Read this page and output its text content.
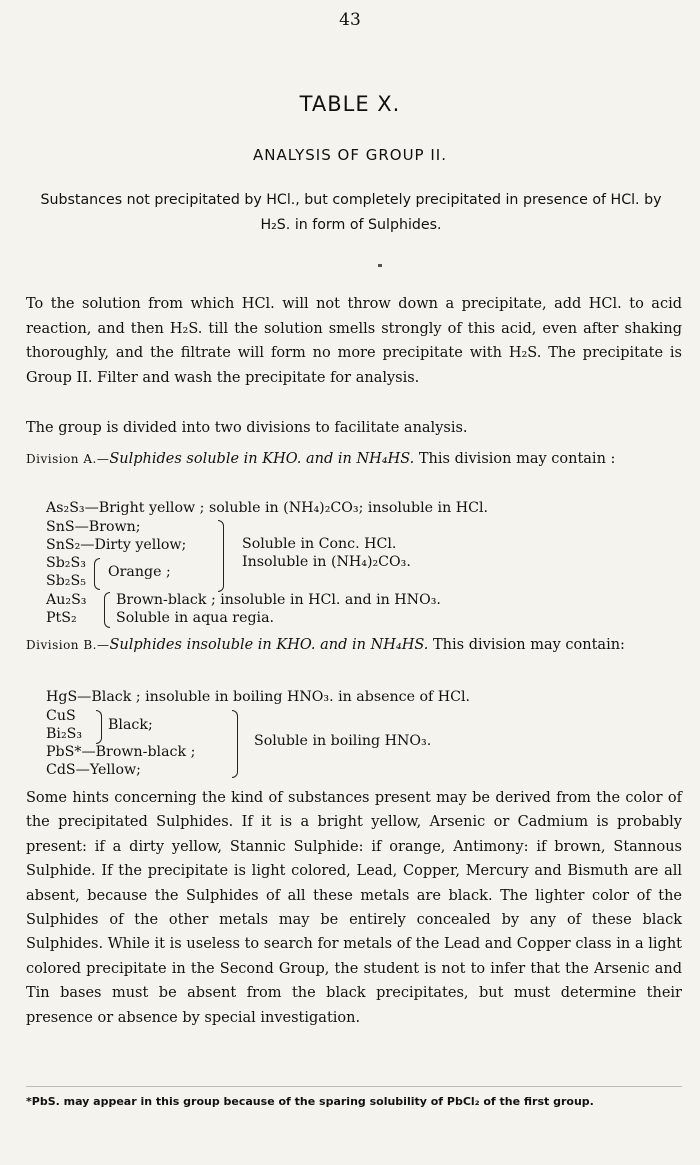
43
TABLE X.
ANALYSIS OF GROUP II.
Substances not precipitated by HCl., but completely precipitated in presence of HCl. by H₂S. in form of Sulphides.
To the solution from which HCl. will not throw down a precipitate, add HCl. to acid reaction, and then H₂S. till the solution smells strongly of this acid, even after shaking thoroughly, and the filtrate will form no more precipitate with H₂S. The precipitate is Group II. Filter and wash the precipitate for analysis.
The group is divided into two divisions to facilitate analysis.
Division A.—Sulphides soluble in KHO. and in NH₄HS. This division may contain :
As₂S₃—Bright yellow ; soluble in (NH₄)₂CO₃; insoluble in HCl.
SnS—Brown;
SnS₂—Dirty yellow;
Sb₂S₃
Sb₂S₅
Orange ;
Soluble in Conc. HCl.
Insoluble in (NH₄)₂CO₃.
Au₂S₃ Brown-black ; insoluble in HCl. and in HNO₃.
PtS₂	Soluble in aqua regia.
Division B.—Sulphides insoluble in KHO. and in NH₄HS. This division may contain:
HgS—Black ; insoluble in boiling HNO₃. in absence of HCl.
CuS
Bi₂S₃
Black;
PbS*—Brown-black ;
CdS—Yellow;
Soluble in boiling HNO₃.
Some hints concerning the kind of substances present may be derived from the color of the precipitated Sulphides. If it is a bright yellow, Arsenic or Cadmium is probably present: if a dirty yellow, Stannic Sulphide: if orange, Antimony: if brown, Stannous Sulphide. If the precipitate is light colored, Lead, Copper, Mercury and Bismuth are all absent, because the Sulphides of all these metals are black. The lighter color of the Sulphides of the other metals may be entirely concealed by any of these black Sulphides. While it is useless to search for metals of the Lead and Copper class in a light colored precipitate in the Second Group, the student is not to infer that the Arsenic and Tin bases must be absent from the black precipitates, but must determine their presence or absence by special investigation.
*PbS. may appear in this group because of the sparing solubility of PbCl₂ of the first group.
